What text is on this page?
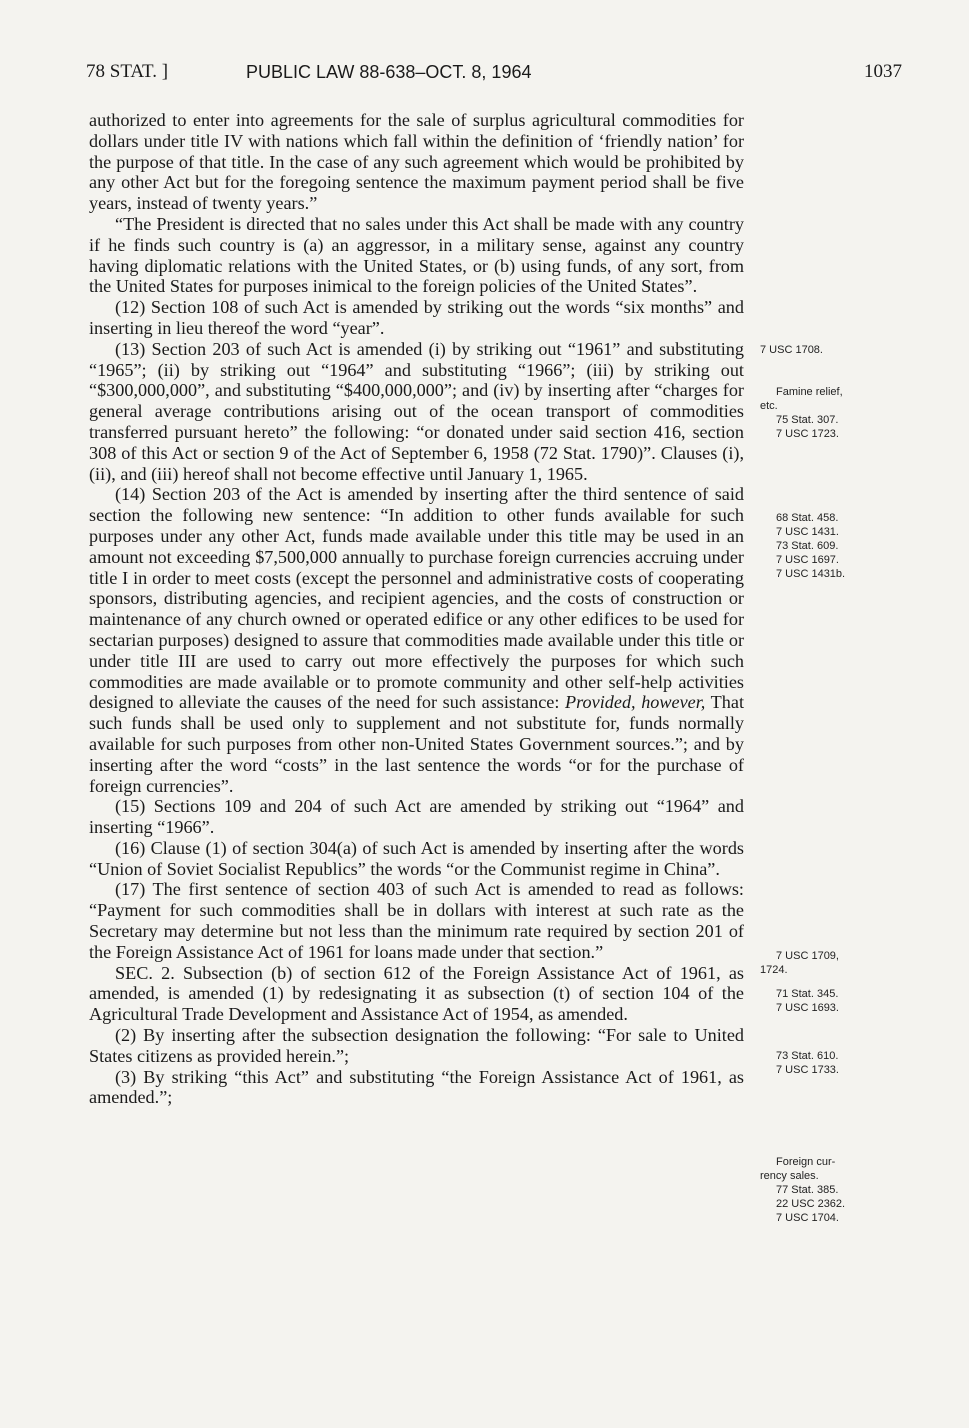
78 STAT. ]	PUBLIC LAW 88-638–OCT. 8, 1964	1037

authorized to enter into agreements for the sale of surplus agricultural commodities for dollars under title IV with nations which fall within the definition of ‘friendly nation’ for the purpose of that title. In the case of any such agreement which would be prohibited by any other Act but for the foregoing sentence the maximum payment period shall be five years, instead of twenty years.”

“The President is directed that no sales under this Act shall be made with any country if he finds such country is (a) an aggressor, in a military sense, against any country having diplomatic relations with the United States, or (b) using funds, of any sort, from the United States for purposes inimical to the foreign policies of the United States”.

(12) Section 108 of such Act is amended by striking out the words “six months” and inserting in lieu thereof the word “year”.

(13) Section 203 of such Act is amended (i) by striking out “1961” and substituting “1965”; (ii) by striking out “1964” and substituting “1966”; (iii) by striking out “$300,000,000”, and substituting “$400,000,000”; and (iv) by inserting after “charges for general average contributions arising out of the ocean transport of commodities transferred pursuant hereto” the following: “or donated under said section 416, section 308 of this Act or section 9 of the Act of September 6, 1958 (72 Stat. 1790)”. Clauses (i), (ii), and (iii) hereof shall not become effective until January 1, 1965.

(14) Section 203 of the Act is amended by inserting after the third sentence of said section the following new sentence: “In addition to other funds available for such purposes under any other Act, funds made available under this title may be used in an amount not exceeding $7,500,000 annually to purchase foreign currencies accruing under title I in order to meet costs (except the personnel and administrative costs of cooperating sponsors, distributing agencies, and recipient agencies, and the costs of construction or maintenance of any church owned or operated edifice or any other edifices to be used for sectarian purposes) designed to assure that commodities made available under this title or under title III are used to carry out more effectively the purposes for which such commodities are made available or to promote community and other self-help activities designed to alleviate the causes of the need for such assistance: Provided, however, That such funds shall be used only to supplement and not substitute for, funds normally available for such purposes from other non-United States Government sources.”; and by inserting after the word “costs” in the last sentence the words “or for the purchase of foreign currencies”.

(15) Sections 109 and 204 of such Act are amended by striking out “1964” and inserting “1966”.

(16) Clause (1) of section 304(a) of such Act is amended by inserting after the words “Union of Soviet Socialist Republics” the words “or the Communist regime in China”.

(17) The first sentence of section 403 of such Act is amended to read as follows: “Payment for such commodities shall be in dollars with interest at such rate as the Secretary may determine but not less than the minimum rate required by section 201 of the Foreign Assistance Act of 1961 for loans made under that section.”

SEC. 2. Subsection (b) of section 612 of the Foreign Assistance Act of 1961, as amended, is amended (1) by redesignating it as subsection (t) of section 104 of the Agricultural Trade Development and Assistance Act of 1954, as amended.

(2) By inserting after the subsection designation the following: “For sale to United States citizens as provided herein.”;

(3) By striking “this Act” and substituting “the Foreign Assistance Act of 1961, as amended.”;

7 USC 1708.
Famine relief,
etc.
75 Stat. 307.
7 USC 1723.
68 Stat. 458.
7 USC 1431.
73 Stat. 609.
7 USC 1697.
7 USC 1431b.
7 USC 1709,
1724.
71 Stat. 345.
7 USC 1693.
73 Stat. 610.
7 USC 1733.
Foreign cur-
rency sales.
77 Stat. 385.
22 USC 2362.
7 USC 1704.
